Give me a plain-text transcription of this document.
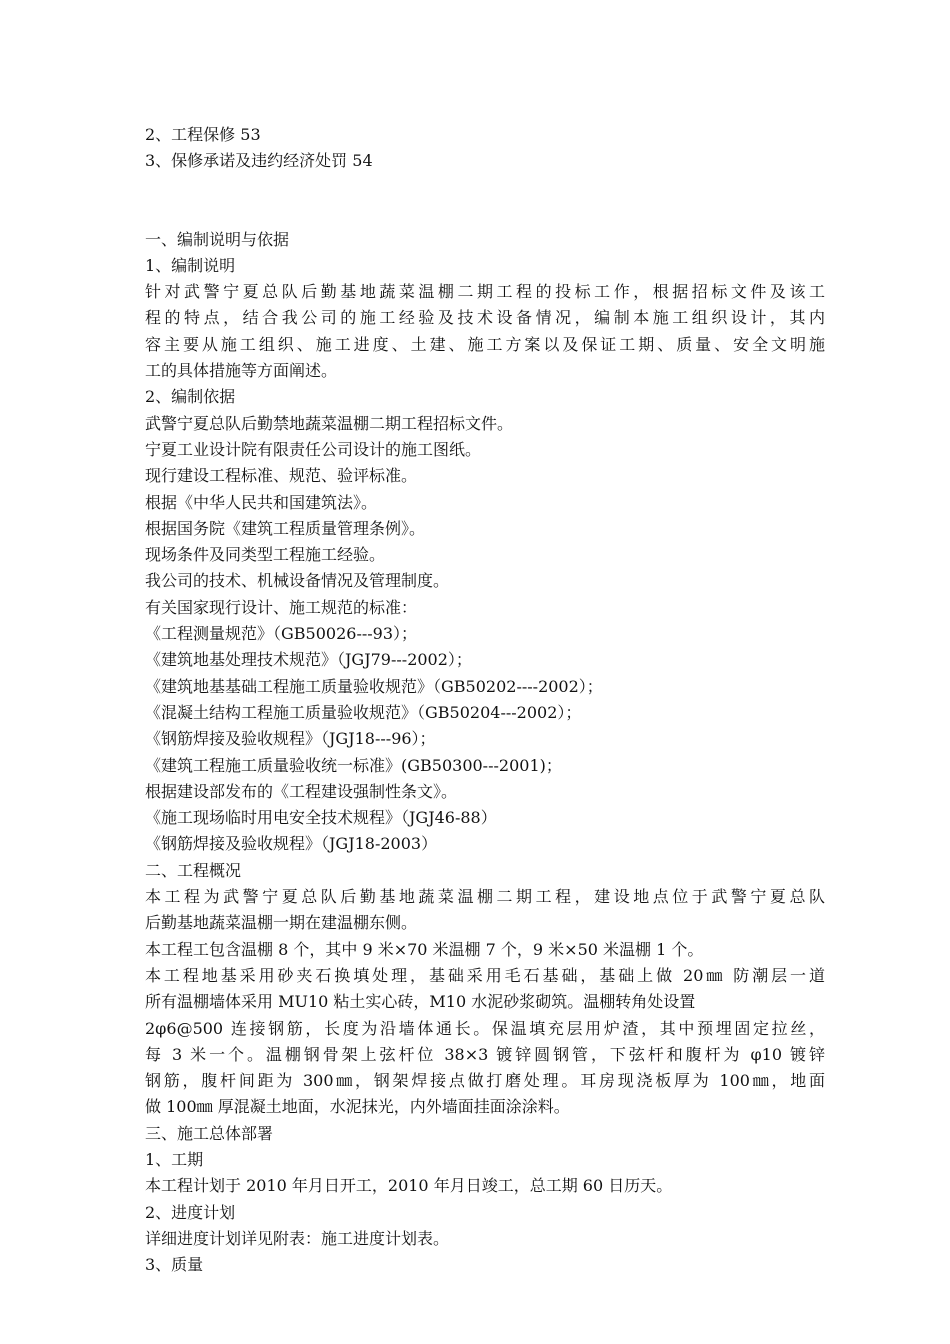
2、工程保修 53
3、保修承诺及违约经济处罚 54
一、编制说明与依据
1、编制说明
针对武警宁夏总队后勤基地蔬菜温棚二期工程的投标工作，根据招标文件及该工
程的特点，结合我公司的施工经验及技术设备情况，编制本施工组织设计，其内
容主要从施工组织、施工进度、土建、施工方案以及保证工期、质量、安全文明施
工的具体措施等方面阐述。
2、编制依据
武警宁夏总队后勤禁地蔬菜温棚二期工程招标文件。
宁夏工业设计院有限责任公司设计的施工图纸。
现行建设工程标准、规范、验评标准。
根据《中华人民共和国建筑法》。
根据国务院《建筑工程质量管理条例》。
现场条件及同类型工程施工经验。
我公司的技术、机械设备情况及管理制度。
有关国家现行设计、施工规范的标准：
《工程测量规范》（GB50026---93）；
《建筑地基处理技术规范》（JGJ79---2002）；
《建筑地基基础工程施工质量验收规范》（GB50202----2002）；
《混凝土结构工程施工质量验收规范》（GB50204---2002）；
《钢筋焊接及验收规程》（JGJ18---96）；
《建筑工程施工质量验收统一标准》(GB50300---2001)；
根据建设部发布的《工程建设强制性条文》。
《施工现场临时用电安全技术规程》（JGJ46-88）
《钢筋焊接及验收规程》（JGJ18-2003）
二、工程概况
本工程为武警宁夏总队后勤基地蔬菜温棚二期工程，建设地点位于武警宁夏总队
后勤基地蔬菜温棚一期在建温棚东侧。
本工程工包含温棚 8 个，其中 9 米×70 米温棚 7 个，9 米×50 米温棚 1 个。
本工程地基采用砂夹石换填处理，基础采用毛石基础，基础上做 20㎜ 防潮层一道
所有温棚墙体采用 MU10 粘土实心砖，M10 水泥砂浆砌筑。温棚转角处设置
2φ6@500 连接钢筋，长度为沿墙体通长。保温填充层用炉渣，其中预埋固定拉丝，
每 3 米一个。温棚钢骨架上弦杆位 38×3 镀锌圆钢管，下弦杆和腹杆为 φ10 镀锌
钢筋，腹杆间距为 300㎜，钢架焊接点做打磨处理。耳房现浇板厚为 100㎜，地面
做 100㎜ 厚混凝土地面，水泥抹光，内外墙面挂面涂涂料。
三、施工总体部署
1、工期
本工程计划于 2010 年月日开工，2010 年月日竣工，总工期 60 日历天。
2、进度计划
详细进度计划详见附表：施工进度计划表。
3、质量
